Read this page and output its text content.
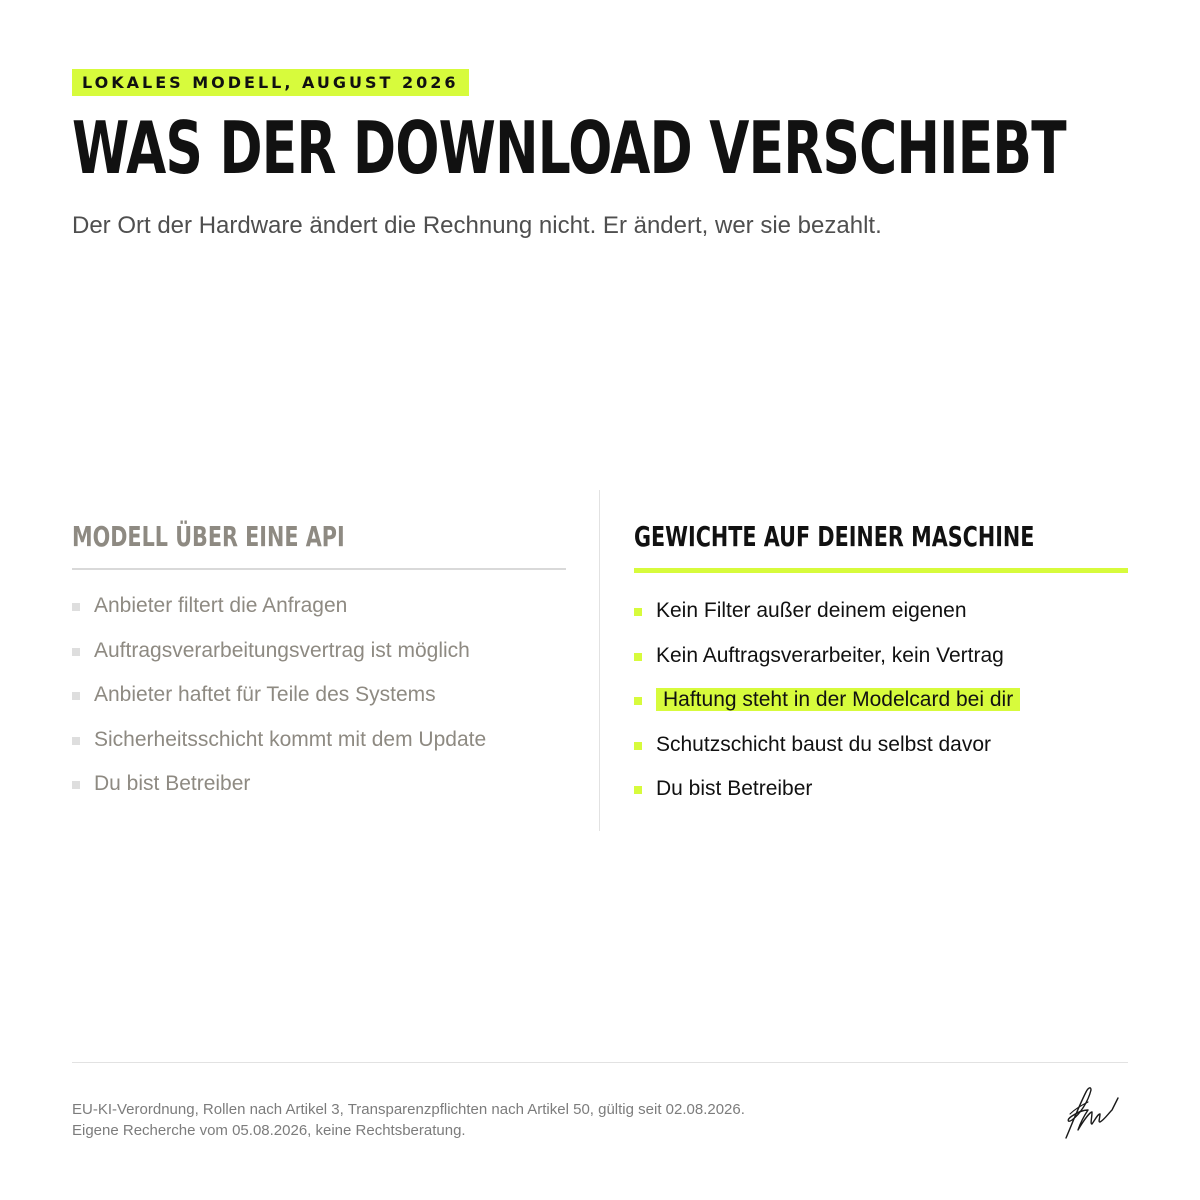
LOKALES MODELL, AUGUST 2026
WAS DER DOWNLOAD VERSCHIEBT

Der Ort der Hardware ändert die Rechnung nicht. Er ändert, wer sie bezahlt.

MODELL ÜBER EINE API
Anbieter filtert die Anfragen
Auftragsverarbeitungsvertrag ist möglich
Anbieter haftet für Teile des Systems
Sicherheitsschicht kommt mit dem Update
Du bist Betreiber
GEWICHTE AUF DEINER MASCHINE
Kein Filter außer deinem eigenen
Kein Auftragsverarbeiter, kein Vertrag
Haftung steht in der Modelcard bei dir
Schutzschicht baust du selbst davor
Du bist Betreiber
EU-KI-Verordnung, Rollen nach Artikel 3, Transparenzpflichten nach Artikel 50, gültig seit 02.08.2026.
Eigene Recherche vom 05.08.2026, keine Rechtsberatung.
